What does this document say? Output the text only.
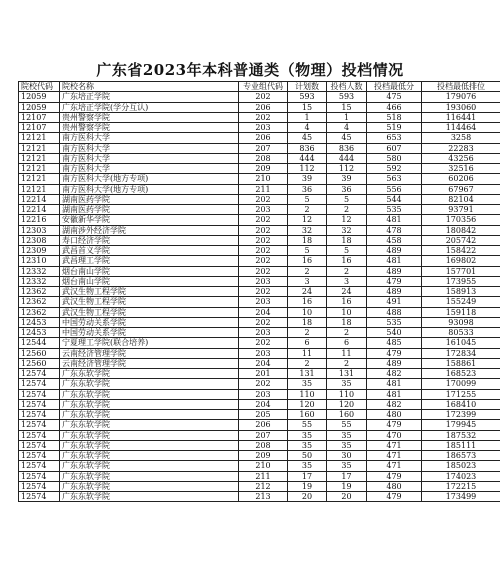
广东省2023年本科普通类（物理）投档情况
院校代码	院校名称	专业组代码	计划数	投档人数	投档最低分	投档最低排位
12059	广东培正学院	202	593	593	475	179076
12059	广东培正学院(学分互认)	206	15	15	466	193060
12107	贵州警察学院	202	1	1	518	116441
12107	贵州警察学院	203	4	4	519	114464
12121	南方医科大学	206	45	45	653	3258
12121	南方医科大学	207	836	836	607	22283
12121	南方医科大学	208	444	444	580	43256
12121	南方医科大学	209	112	112	592	32516
12121	南方医科大学(地方专项)	210	39	39	563	60206
12121	南方医科大学(地方专项)	211	36	36	556	67967
12214	湖南医药学院	202	5	5	544	82104
12214	湖南医药学院	203	2	2	535	93791
12216	安徽新华学院	202	12	12	481	170356
12303	湖南涉外经济学院	202	32	32	478	180842
12308	寿口经济学院	202	18	18	458	205742
12309	武昌首义学院	202	5	5	489	158422
12310	武昌理工学院	202	16	16	481	169802
12332	烟台南山学院	202	2	2	489	157701
12332	烟台南山学院	203	3	3	479	173955
12362	武汉生物工程学院	202	24	24	489	158913
12362	武汉生物工程学院	203	16	16	491	155249
12362	武汉生物工程学院	204	10	10	488	159118
12453	中国劳动关系学院	202	18	18	535	93098
12453	中国劳动关系学院	203	2	2	540	80533
12544	宁夏理工学院(联合培养)	202	6	6	485	161045
12560	云南经济管理学院	203	11	11	479	172834
12560	云南经济管理学院	204	2	2	489	158861
12574	广东东软学院	201	131	131	482	168523
12574	广东东软学院	202	35	35	481	170099
12574	广东东软学院	203	110	110	481	171255
12574	广东东软学院	204	120	120	482	168410
12574	广东东软学院	205	160	160	480	172399
12574	广东东软学院	206	55	55	479	179945
12574	广东东软学院	207	35	35	470	187532
12574	广东东软学院	208	35	35	471	185111
12574	广东东软学院	209	50	30	471	186573
12574	广东东软学院	210	35	35	471	185023
12574	广东东软学院	211	17	17	479	174023
12574	广东东软学院	212	19	19	480	172215
12574	广东东软学院	213	20	20	479	173499
